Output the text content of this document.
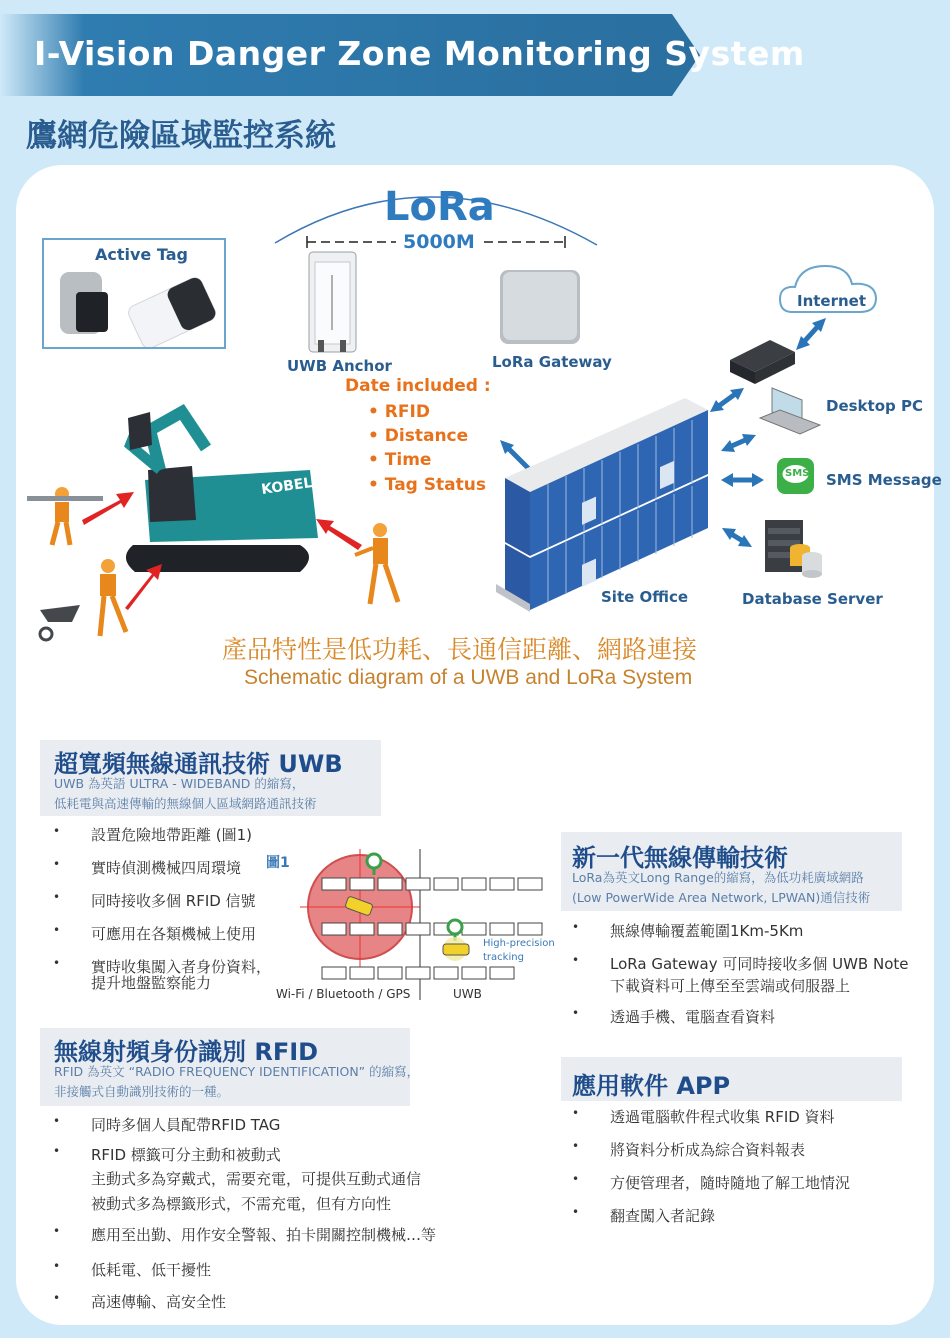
I-Vision Danger Zone Monitoring System
鷹網危險區域監控系統
KOBELCO
LoRa
5000M
Active Tag
UWB Anchor	LoRa Gateway
Internet
Desktop PC
SMS Message
SMS
Site Office	Database Server
Date included :
• RFID
• Distance
• Time
• Tag Status
產品特性是低功耗、長通信距離、網路連接
Schematic diagram of a UWB and LoRa System
超寬頻無線通訊技術 UWB
UWB 為英語 ULTRA - WIDEBAND 的縮寫，
低耗電與高速傳輸的無線個人區域網路通訊技術
• 設置危險地帶距離 (圖1)
• 實時偵測機械四周環境
• 同時接收多個 RFID 信號
• 可應用在各類機械上使用
• 實時收集闖入者身份資料，
提升地盤監察能力
圖1
Wi-Fi / Bluetooth / GPS	UWB
High-precision
tracking
無線射頻身份識別 RFID
RFID 為英文 “RADIO FREQUENCY IDENTIFICATION” 的縮寫，
非接觸式自動識別技術的一種。
• 同時多個人員配帶RFID TAG
• RFID 標籤可分主動和被動式
主動式多為穿戴式，需要充電，可提供互動式通信
被動式多為標籤形式，不需充電，但有方向性
• 應用至出勤、用作安全警報、拍卡開關控制機械…等
• 低耗電、低干擾性
• 高速傳輸、高安全性
新一代無線傳輸技術
LoRa為英文Long Range的縮寫，為低功耗廣域網路
(Low PowerWide Area Network, LPWAN)通信技術
• 無線傳輸覆蓋範圍1Km-5Km
• LoRa Gateway 可同時接收多個 UWB Note
下載資料可上傳至至雲端或伺服器上
• 透過手機、電腦查看資料
應用軟件 APP
• 透過電腦軟件程式收集 RFID 資料
• 將資料分析成為綜合資料報表
• 方便管理者，隨時隨地了解工地情況
• 翻查闖入者記錄
